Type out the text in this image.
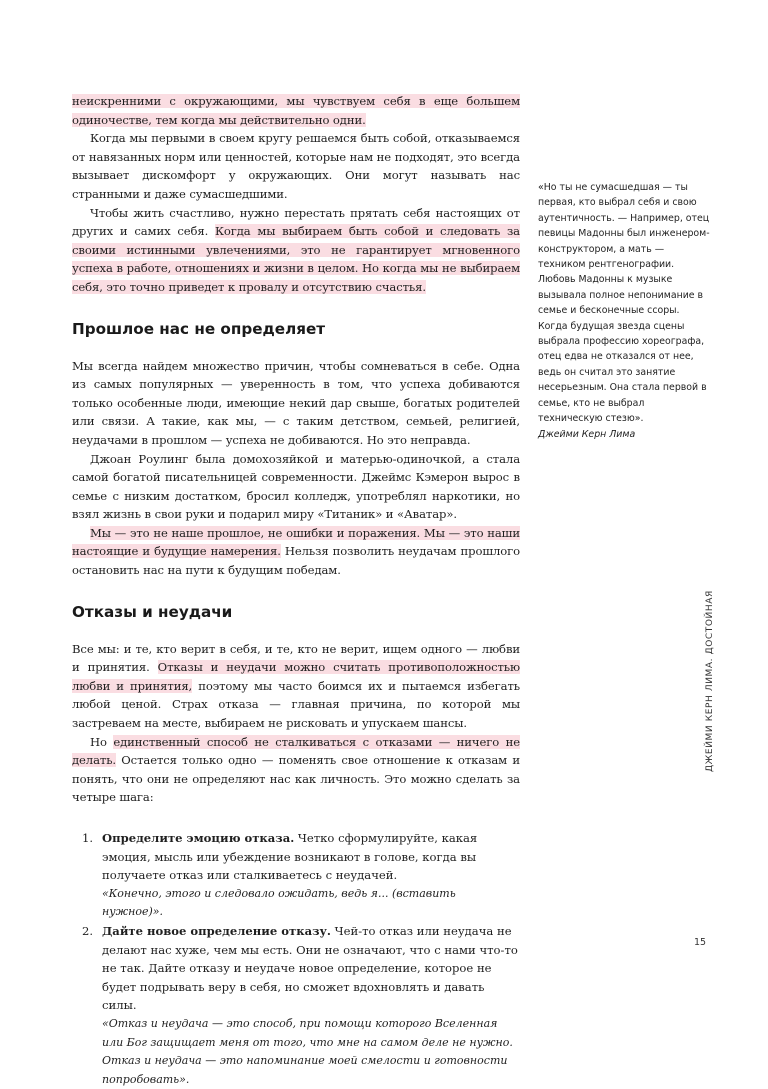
неискренними с окружающими, мы чувствуем себя в еще большем одиночестве, тем когда мы действительно одни.

Когда мы первыми в своем кругу решаемся быть собой, отказываемся от навязанных норм или ценностей, которые нам не подходят, это всегда вызывает дискомфорт у окружающих. Они могут называть нас странными и даже сумасшедшими.

Чтобы жить счастливо, нужно перестать прятать себя настоящих от других и самих себя. Когда мы выбираем быть собой и следовать за своими истинными увлечениями, это не гарантирует мгновенного успеха в работе, отношениях и жизни в целом. Но когда мы не выбираем себя, это точно приведет к провалу и отсутствию счастья.

Прошлое нас не определяет

Мы всегда найдем множество причин, чтобы сомневаться в себе. Одна из самых популярных — уверенность в том, что успеха добиваются только особенные люди, имеющие некий дар свыше, богатых родителей или связи. А такие, как мы, — с таким детством, семьей, религией, неудачами в прошлом — успеха не добиваются. Но это неправда.

Джоан Роулинг была домохозяйкой и матерью-одиночкой, а стала самой богатой писательницей современности. Джеймс Кэмерон вырос в семье с низким достатком, бросил колледж, употреблял наркотики, но взял жизнь в свои руки и подарил миру «Титаник» и «Аватар».

Мы — это не наше прошлое, не ошибки и поражения. Мы — это наши настоящие и будущие намерения. Нельзя позволить неудачам прошлого остановить нас на пути к будущим победам.

Отказы и неудачи

Все мы: и те, кто верит в себя, и те, кто не верит, ищем одного — любви и принятия. Отказы и неудачи можно считать противоположностью любви и принятия, поэтому мы часто боимся их и пытаемся избегать любой ценой. Страх отказа — главная причина, по которой мы застреваем на месте, выбираем не рисковать и упускаем шансы.

Но единственный способ не сталкиваться с отказами — ничего не делать. Остается только одно — поменять свое отношение к отказам и понять, что они не определяют нас как личность. Это можно сделать за четыре шага:

1. Определите эмоцию отказа. Четко сформулируйте, какая эмоция, мысль или убеждение возникают в голове, когда вы получаете отказ или сталкиваетесь с неудачей.
«Конечно, этого и следовало ожидать, ведь я... (вставить нужное)».
2. Дайте новое определение отказу. Чей-то отказ или неудача не делают нас хуже, чем мы есть. Они не означают, что с нами что-то не так. Дайте отказу и неудаче новое определение, которое не будет подрывать веру в себя, но сможет вдохновлять и давать силы.
«Отказ и неудача — это способ, при помощи которого Вселенная или Бог защищает меня от того, что мне на самом деле не нужно. Отказ и неудача — это напоминание моей смелости и готовности попробовать».
«Но ты не сумасшедшая — ты первая, кто выбрал себя и свою аутентичность. — Например, отец певицы Мадонны был инженером-конструктором, а мать — техником рентгенографии. Любовь Мадонны к музыке вызывала полное непонимание в семье и бесконечные ссоры. Когда будущая звезда сцены выбрала профессию хореографа, отец едва не отказался от нее, ведь он считал это занятие несерьезным. Она стала первой в семье, кто не выбрал техническую стезю».
Джейми Керн Лима
ДЖЕЙМИ КЕРН ЛИМА. ДОСТОЙНАЯ
15
